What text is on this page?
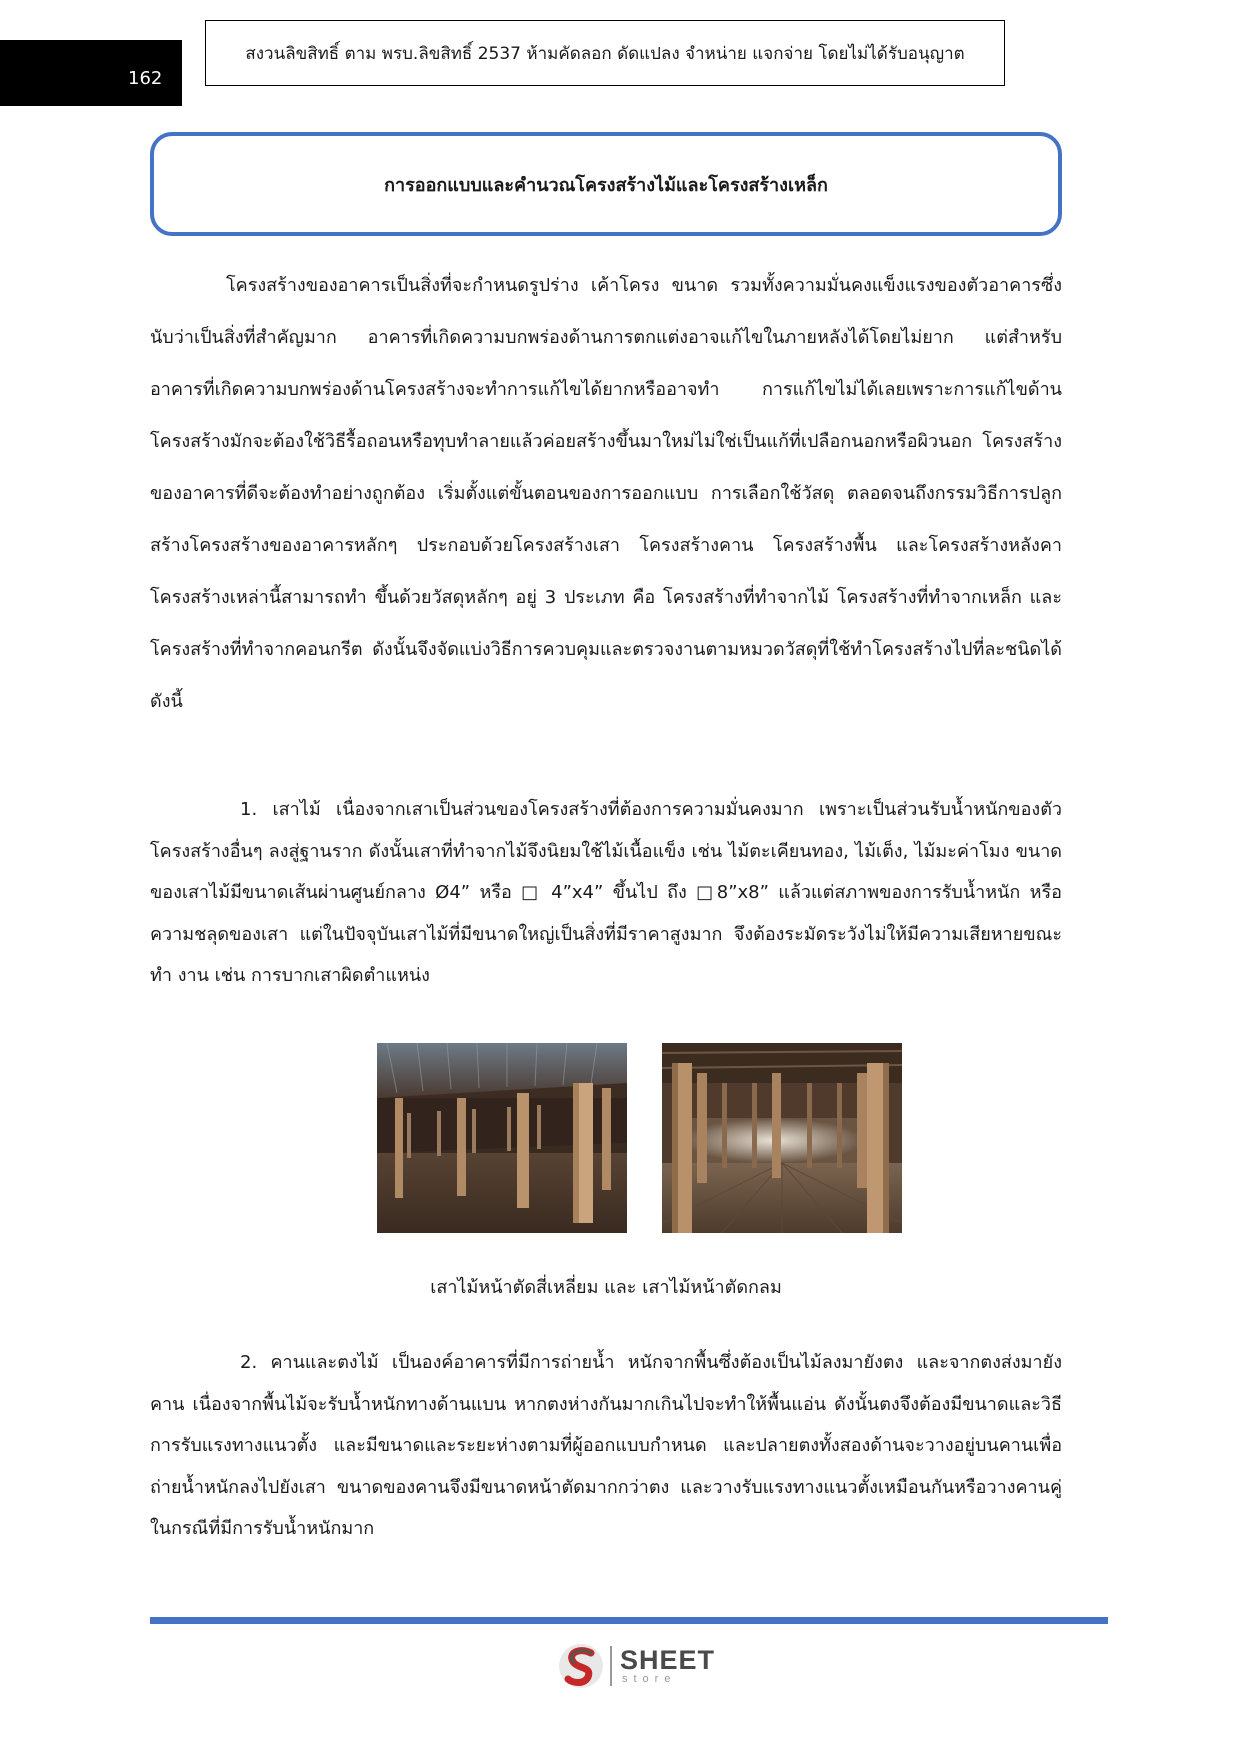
162
สงวนลิขสิทธิ์ ตาม พรบ.ลิขสิทธิ์ 2537 ห้ามคัดลอก ดัดแปลง จำหน่าย แจกจ่าย โดยไม่ได้รับอนุญาต
การออกแบบและคำนวณโครงสร้างไม้และโครงสร้างเหล็ก

โครงสร้างของอาคารเป็นสิ่งที่จะกำหนดรูปร่าง เค้าโครง ขนาด รวมทั้งความมั่นคงแข็งแรงของตัวอาคารซึ่งนับว่าเป็นสิ่งที่สำคัญมาก อาคารที่เกิดความบกพร่องด้านการตกแต่งอาจแก้ไขในภายหลังได้โดยไม่ยาก แต่สำหรับอาคารที่เกิดความบกพร่องด้านโครงสร้างจะทำการแก้ไขได้ยากหรืออาจทำ การแก้ไขไม่ได้เลยเพราะการแก้ไขด้านโครงสร้างมักจะต้องใช้วิธีรื้อถอนหรือทุบทำลายแล้วค่อยสร้างขึ้นมาใหม่ไม่ใช่เป็นแก้ที่เปลือกนอกหรือผิวนอก โครงสร้างของอาคารที่ดีจะต้องทำอย่างถูกต้อง เริ่มตั้งแต่ขั้นตอนของการออกแบบ การเลือกใช้วัสดุ ตลอดจนถึงกรรมวิธีการปลูกสร้างโครงสร้างของอาคารหลักๆ ประกอบด้วยโครงสร้างเสา โครงสร้างคาน โครงสร้างพื้น และโครงสร้างหลังคา โครงสร้างเหล่านี้สามารถทำ ขึ้นด้วยวัสดุหลักๆ อยู่ 3 ประเภท คือ โครงสร้างที่ทำจากไม้ โครงสร้างที่ทำจากเหล็ก และโครงสร้างที่ทำจากคอนกรีต ดังนั้นจึงจัดแบ่งวิธีการควบคุมและตรวจงานตามหมวดวัสดุที่ใช้ทำโครงสร้างไปที่ละชนิดได้ดังนี้

1. เสาไม้ เนื่องจากเสาเป็นส่วนของโครงสร้างที่ต้องการความมั่นคงมาก เพราะเป็นส่วนรับน้ำหนักของตัวโครงสร้างอื่นๆ ลงสู่ฐานราก ดังนั้นเสาที่ทำจากไม้จึงนิยมใช้ไม้เนื้อแข็ง เช่น ไม้ตะเคียนทอง, ไม้เต็ง, ไม้มะค่าโมง ขนาดของเสาไม้มีขนาดเส้นผ่านศูนย์กลาง Ø4” หรือ □ 4”x4” ขึ้นไป ถึง □8”x8” แล้วแต่สภาพของการรับน้ำหนัก หรือความชลุดของเสา แต่ในปัจจุบันเสาไม้ที่มีขนาดใหญ่เป็นสิ่งที่มีราคาสูงมาก จึงต้องระมัดระวังไม่ให้มีความเสียหายขณะทำ งาน เช่น การบากเสาผิดตำแหน่ง

เสาไม้หน้าตัดสี่เหลี่ยม และ เสาไม้หน้าตัดกลม

2. คานและตงไม้ เป็นองค์อาคารที่มีการถ่ายน้ำ หนักจากพื้นซึ่งต้องเป็นไม้ลงมายังตง และจากตงส่งมายังคาน เนื่องจากพื้นไม้จะรับน้ำหนักทางด้านแบน หากตงห่างกันมากเกินไปจะทำให้พื้นแอ่น ดังนั้นตงจึงต้องมีขนาดและวิธีการรับแรงทางแนวตั้ง และมีขนาดและระยะห่างตามที่ผู้ออกแบบกำหนด และปลายตงทั้งสองด้านจะวางอยู่บนคานเพื่อถ่ายน้ำหนักลงไปยังเสา ขนาดของคานจึงมีขนาดหน้าตัดมากกว่าตง และวางรับแรงทางแนวตั้งเหมือนกันหรือวางคานคู่ในกรณีที่มีการรับน้ำหนักมาก

SHEET
store
